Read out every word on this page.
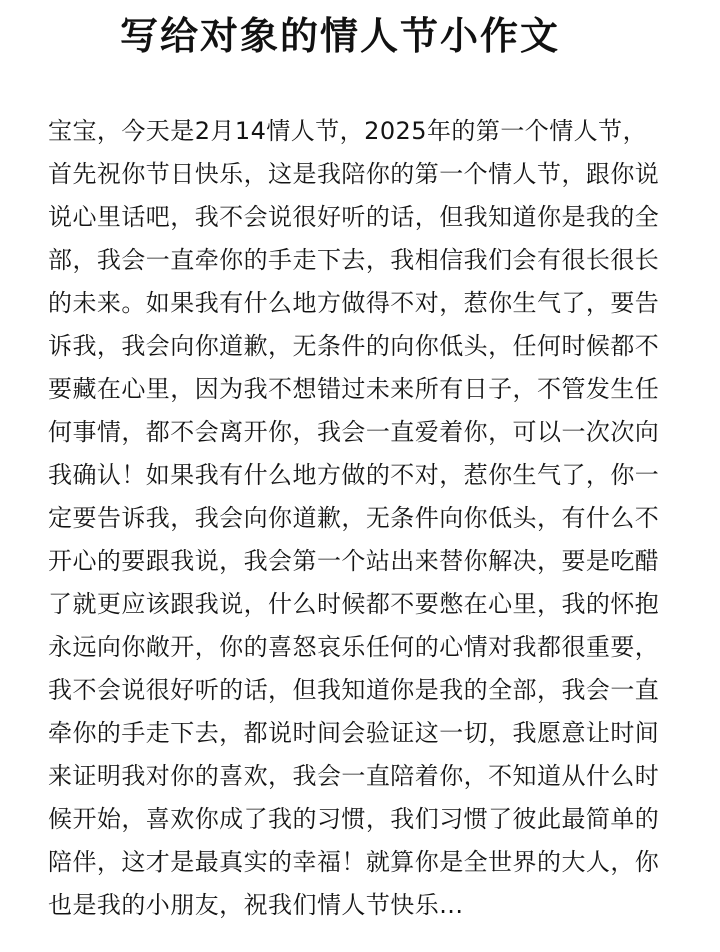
写给对象的情人节小作文
宝宝，今天是2月14情人节，2025年的第一个情人节，
首先祝你节日快乐，这是我陪你的第一个情人节，跟你说
说心里话吧，我不会说很好听的话，但我知道你是我的全
部，我会一直牵你的手走下去，我相信我们会有很长很长
的未来。如果我有什么地方做得不对，惹你生气了，要告
诉我，我会向你道歉，无条件的向你低头，任何时候都不
要藏在心里，因为我不想错过未来所有日子，不管发生任
何事情，都不会离开你，我会一直爱着你，可以一次次向
我确认！如果我有什么地方做的不对，惹你生气了，你一
定要告诉我，我会向你道歉，无条件向你低头，有什么不
开心的要跟我说，我会第一个站出来替你解决，要是吃醋
了就更应该跟我说，什么时候都不要憋在心里，我的怀抱
永远向你敞开，你的喜怒哀乐任何的心情对我都很重要，
我不会说很好听的话，但我知道你是我的全部，我会一直
牵你的手走下去，都说时间会验证这一切，我愿意让时间
来证明我对你的喜欢，我会一直陪着你，不知道从什么时
候开始，喜欢你成了我的习惯，我们习惯了彼此最简单的
陪伴，这才是最真实的幸福！就算你是全世界的大人，你
也是我的小朋友，祝我们情人节快乐...
